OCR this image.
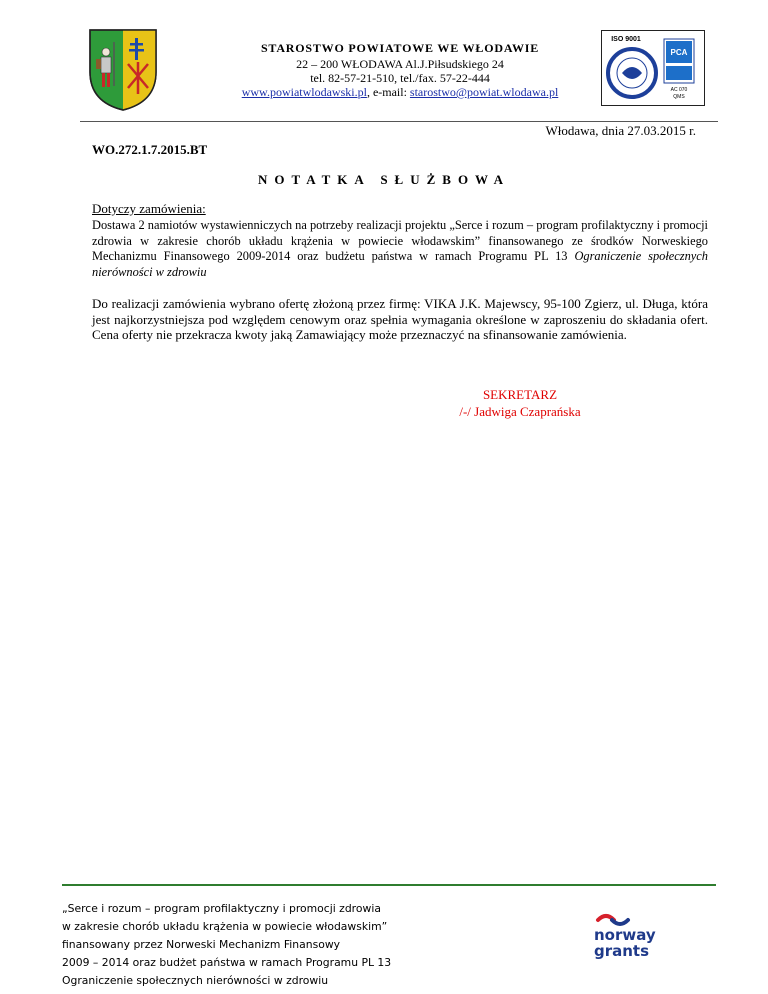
STAROSTWO POWIATOWE WE WŁODAWIE
22 – 200 WŁODAWA Al.J.Piłsudskiego 24
tel. 82-57-21-510, tel./fax. 57-22-444
www.powiatwlodawski.pl, e-mail: starostwo@powiat.wlodawa.pl
ISO 9001
PCA
AC 070
QMS
Włodawa, dnia 27.03.2015 r.
WO.272.1.7.2015.BT
NOTATKA SŁUŻBOWA
Dotyczy zamówienia:
Dostawa 2 namiotów wystawienniczych na potrzeby realizacji projektu „Serce i rozum – program profilaktyczny i promocji zdrowia w zakresie chorób układu krążenia w powiecie włodawskim” finansowanego ze środków Norweskiego Mechanizmu Finansowego 2009-2014 oraz budżetu państwa w ramach Programu PL 13 Ograniczenie społecznych nierówności w zdrowiu
Do realizacji zamówienia wybrano ofertę złożoną przez firmę: VIKA J.K. Majewscy, 95-100 Zgierz, ul. Długa, która jest najkorzystniejsza pod względem cenowym oraz spełnia wymagania określone w zaproszeniu do składania ofert. Cena oferty nie przekracza kwoty jaką Zamawiający może przeznaczyć na sfinansowanie zamówienia.
SEKRETARZ
/-/ Jadwiga Czaprańska
„Serce i rozum – program profilaktyczny i promocji zdrowia
w zakresie chorób układu krążenia w powiecie włodawskim”
finansowany przez Norweski Mechanizm Finansowy
2009 – 2014 oraz budżet państwa w ramach Programu PL 13
Ograniczenie społecznych nierówności w zdrowiu
norway
grants
